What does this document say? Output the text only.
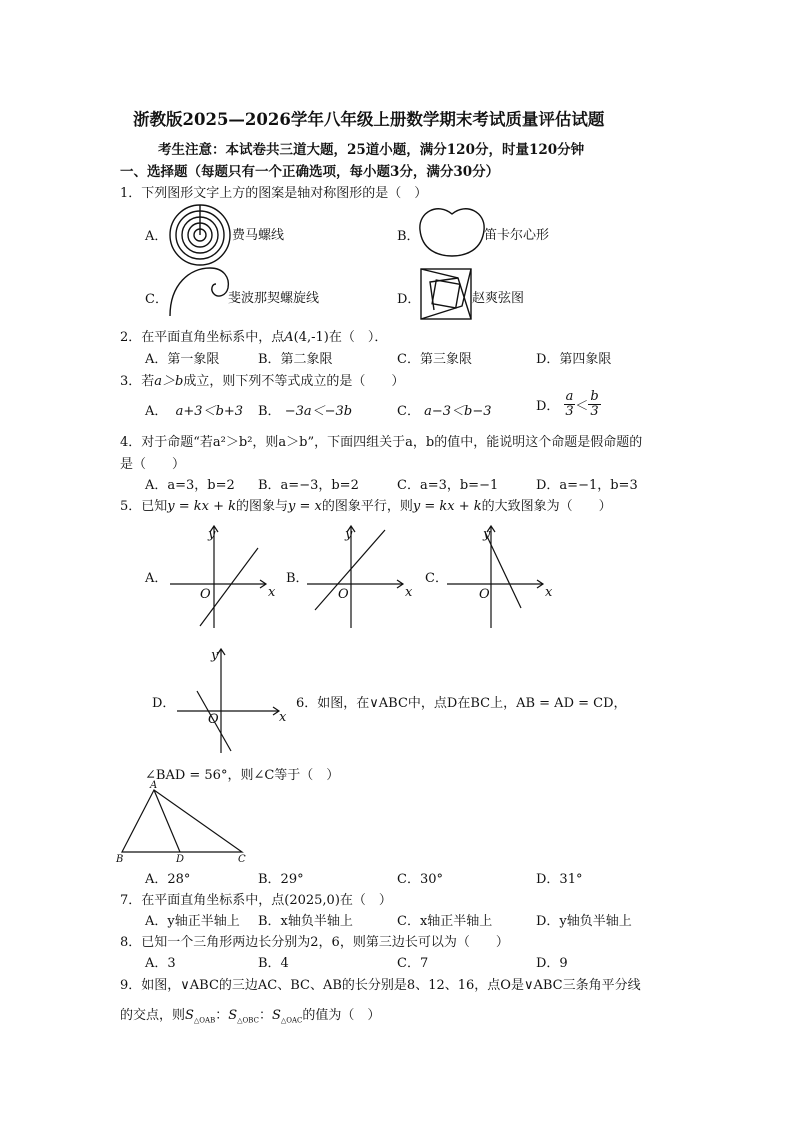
浙教版2025—2026学年八年级上册数学期末考试质量评估试题
考生注意：本试卷共三道大题，25道小题，满分120分，时量120分钟
一、选择题（每题只有一个正确选项，每小题3分，满分30分）
1．下列图形文字上方的图案是轴对称图形的是（　）
A．	费马螺线	B．	笛卡尔心形
C．	斐波那契螺旋线	D．	赵爽弦图
2．在平面直角坐标系中，点A(4,-1)在（　）．
A．第一象限	B．第二象限	C．第三象限	D．第四象限
3．若a＞b成立，则下列不等式成立的是（　　）
A． a+3＜b+3 B． −3a＜−3b	C． a−3＜b−3	D． $\frac{a}{3} < \frac{b}{3}$
4．对于命题“若a²＞b²，则a＞b”，下面四组关于a，b的值中，能说明这个命题是假命题的
是（　　）
A．a=3，b=2 B．a=−3，b=2	C．a=3，b=−1	D．a=−1，b=3
5．已知y = kx + k的图象与y = x的图象平行，则y = kx + k的大致图象为（　　）
A．
y
x
O
B．
y
x
O
C．
y
x
O
D．
y
x
O
6．如图，在∨ABC中，点D在BC上，AB = AD = CD，
∠BAD = 56°，则∠C等于（　）
A
B	D	C
A．28°	B．29°	C．30°	D．31°
7．在平面直角坐标系中，点(2025,0)在（　）
A．y轴正半轴上 B．x轴负半轴上	C．x轴正半轴上	D．y轴负半轴上
8．已知一个三角形两边长分别为2，6，则第三边长可以为（　　）
A．3	B．4	C．7	D．9
9．如图，∨ABC的三边AC、BC、AB的长分别是8、12、16，点O是∨ABC三条角平分线
的交点，则$S_{\triangle OAB}$：$S_{\triangle OBC}$：$S_{\triangle OAC}$的值为（　）
